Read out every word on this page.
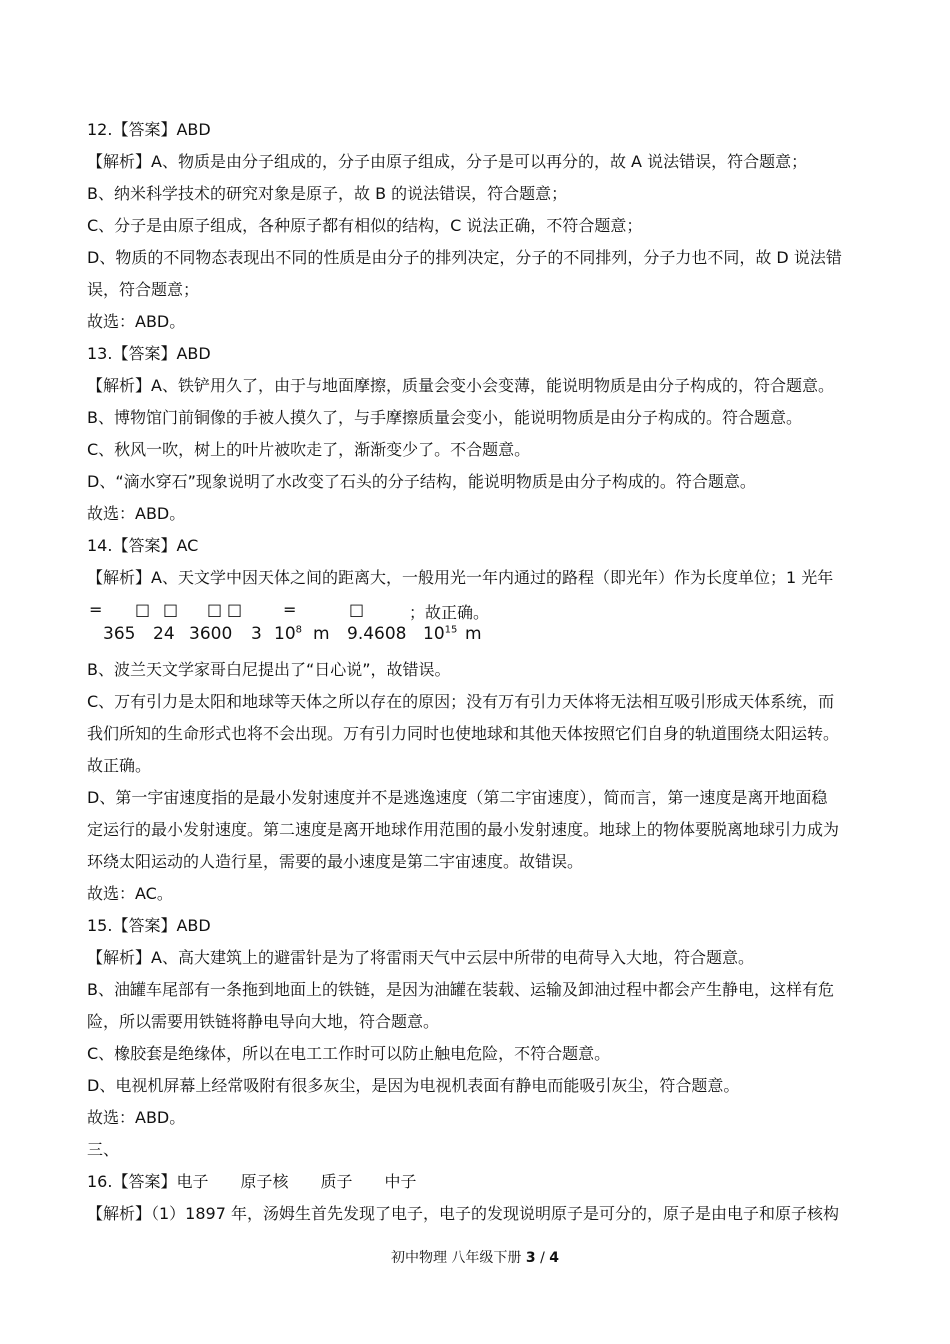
12.【答案】ABD
【解析】A、物质是由分子组成的，分子由原子组成，分子是可以再分的，故 A 说法错误，符合题意；
B、纳米科学技术的研究对象是原子，故 B 的说法错误，符合题意；
C、分子是由原子组成，各种原子都有相似的结构，C 说法正确，不符合题意；
D、物质的不同物态表现出不同的性质是由分子的排列决定，分子的不同排列，分子力也不同，故 D 说法错
误，符合题意；
故选：ABD。
13.【答案】ABD
【解析】A、铁铲用久了，由于与地面摩擦，质量会变小会变薄，能说明物质是由分子构成的，符合题意。
B、博物馆门前铜像的手被人摸久了，与手摩擦质量会变小，能说明物质是由分子构成的。符合题意。
C、秋风一吹，树上的叶片被吹走了，渐渐变少了。不合题意。
D、“滴水穿石”现象说明了水改变了石头的分子结构，能说明物质是由分子构成的。符合题意。
故选：ABD。
14.【答案】AC
【解析】A、天文学中因天体之间的距离大，一般用光一年内通过的路程（即光年）作为长度单位；1 光年
= □ □ □ □	=	□	；故正确。
365 24 3600 3 $10^8$ m 9.4608 $10^{15}$ m
B、波兰天文学家哥白尼提出了“日心说”，故错误。
C、万有引力是太阳和地球等天体之所以存在的原因；没有万有引力天体将无法相互吸引形成天体系统，而
我们所知的生命形式也将不会出现。万有引力同时也使地球和其他天体按照它们自身的轨道围绕太阳运转。
故正确。
D、第一宇宙速度指的是最小发射速度并不是逃逸速度（第二宇宙速度），简而言，第一速度是离开地面稳
定运行的最小发射速度。第二速度是离开地球作用范围的最小发射速度。地球上的物体要脱离地球引力成为
环绕太阳运动的人造行星，需要的最小速度是第二宇宙速度。故错误。
故选：AC。
15.【答案】ABD
【解析】A、高大建筑上的避雷针是为了将雷雨天气中云层中所带的电荷导入大地，符合题意。
B、油罐车尾部有一条拖到地面上的铁链，是因为油罐在装载、运输及卸油过程中都会产生静电，这样有危
险，所以需要用铁链将静电导向大地，符合题意。
C、橡胶套是绝缘体，所以在电工工作时可以防止触电危险，不符合题意。
D、电视机屏幕上经常吸附有很多灰尘，是因为电视机表面有静电而能吸引灰尘，符合题意。
故选：ABD。
三、
16.【答案】电子　　原子核　　质子　　中子
【解析】（1）1897 年，汤姆生首先发现了电子，电子的发现说明原子是可分的，原子是由电子和原子核构
初中物理 八年级下册 3 / 4
